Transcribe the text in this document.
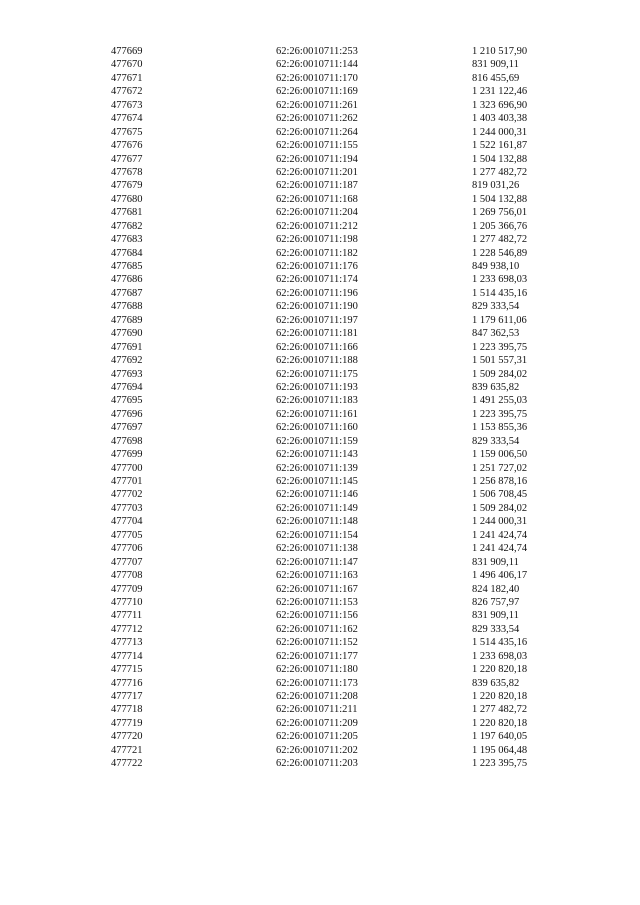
477669	62:26:0010711:253	1 210 517,90
477670	62:26:0010711:144	831 909,11
477671	62:26:0010711:170	816 455,69
477672	62:26:0010711:169	1 231 122,46
477673	62:26:0010711:261	1 323 696,90
477674	62:26:0010711:262	1 403 403,38
477675	62:26:0010711:264	1 244 000,31
477676	62:26:0010711:155	1 522 161,87
477677	62:26:0010711:194	1 504 132,88
477678	62:26:0010711:201	1 277 482,72
477679	62:26:0010711:187	819 031,26
477680	62:26:0010711:168	1 504 132,88
477681	62:26:0010711:204	1 269 756,01
477682	62:26:0010711:212	1 205 366,76
477683	62:26:0010711:198	1 277 482,72
477684	62:26:0010711:182	1 228 546,89
477685	62:26:0010711:176	849 938,10
477686	62:26:0010711:174	1 233 698,03
477687	62:26:0010711:196	1 514 435,16
477688	62:26:0010711:190	829 333,54
477689	62:26:0010711:197	1 179 611,06
477690	62:26:0010711:181	847 362,53
477691	62:26:0010711:166	1 223 395,75
477692	62:26:0010711:188	1 501 557,31
477693	62:26:0010711:175	1 509 284,02
477694	62:26:0010711:193	839 635,82
477695	62:26:0010711:183	1 491 255,03
477696	62:26:0010711:161	1 223 395,75
477697	62:26:0010711:160	1 153 855,36
477698	62:26:0010711:159	829 333,54
477699	62:26:0010711:143	1 159 006,50
477700	62:26:0010711:139	1 251 727,02
477701	62:26:0010711:145	1 256 878,16
477702	62:26:0010711:146	1 506 708,45
477703	62:26:0010711:149	1 509 284,02
477704	62:26:0010711:148	1 244 000,31
477705	62:26:0010711:154	1 241 424,74
477706	62:26:0010711:138	1 241 424,74
477707	62:26:0010711:147	831 909,11
477708	62:26:0010711:163	1 496 406,17
477709	62:26:0010711:167	824 182,40
477710	62:26:0010711:153	826 757,97
477711	62:26:0010711:156	831 909,11
477712	62:26:0010711:162	829 333,54
477713	62:26:0010711:152	1 514 435,16
477714	62:26:0010711:177	1 233 698,03
477715	62:26:0010711:180	1 220 820,18
477716	62:26:0010711:173	839 635,82
477717	62:26:0010711:208	1 220 820,18
477718	62:26:0010711:211	1 277 482,72
477719	62:26:0010711:209	1 220 820,18
477720	62:26:0010711:205	1 197 640,05
477721	62:26:0010711:202	1 195 064,48
477722	62:26:0010711:203	1 223 395,75
